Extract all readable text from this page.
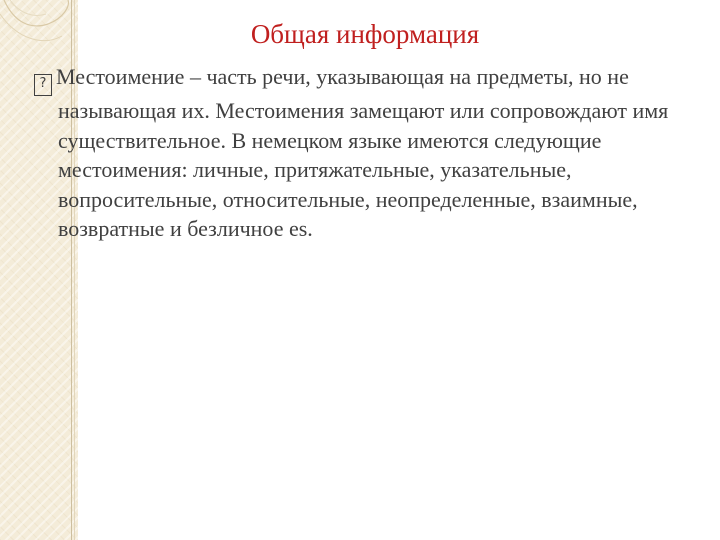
Общая информация

? Местоимение – часть речи, указывающая на предметы, но не называющая их. Местоимения замещают или сопровождают имя существительное. В немецком языке имеются следующие местоимения: личные, притяжательные, указательные, вопросительные, относительные, неопределенные, взаимные, возвратные и безличное es.
